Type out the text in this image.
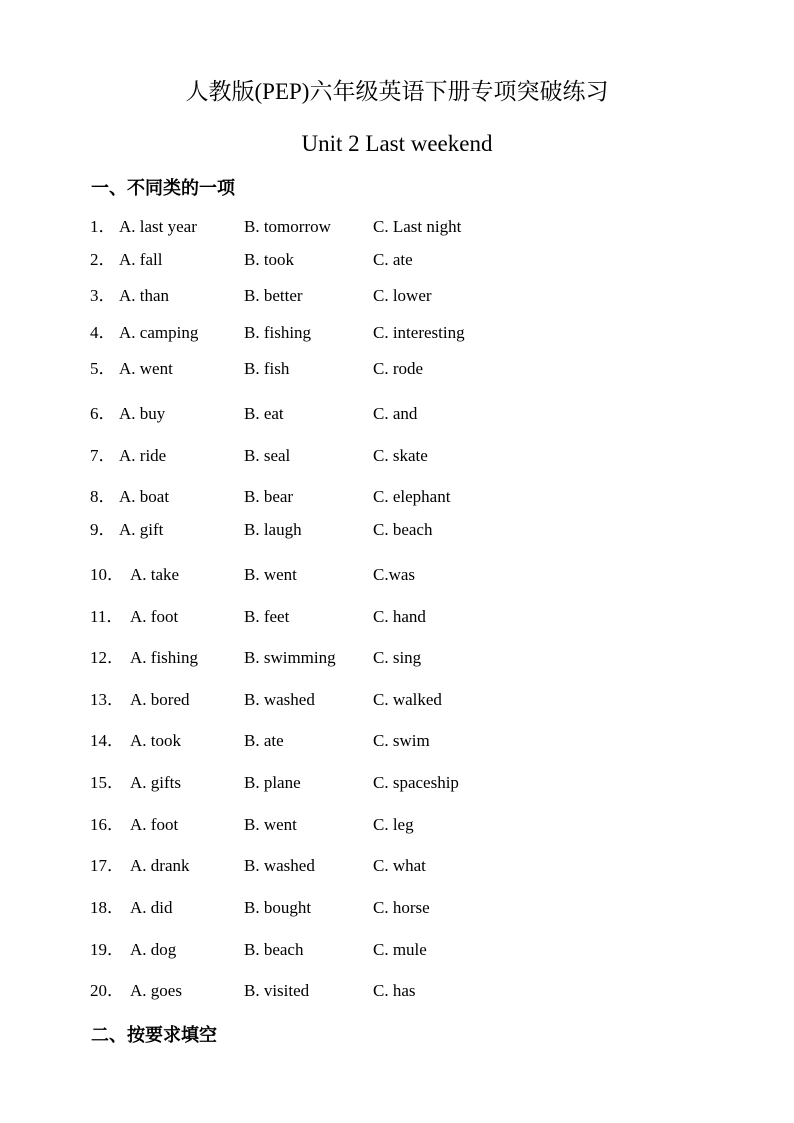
人教版(PEP)六年级英语下册专项突破练习
Unit 2 Last weekend
一、不同类的一项
1． A. last year	B. tomorrow C. Last night
2． A. fall	B. took	C. ate
3． A. than	B. better	C. lower
4． A. camping	B. fishing	C. interesting
5． A. went	B. fish	C. rode
6． A. buy	B. eat	C. and
7． A. ride	B. seal	C. skate
8． A. boat	B. bear	C. elephant
9． A. gift	B. laugh	C. beach
10． A. take	B. went	C.was
11． A. foot	B. feet	C. hand
12． A. fishing	B. swimming C. sing
13． A. bored	B. washed	C. walked
14． A. took	B. ate	C. swim
15． A. gifts	B. plane	C. spaceship
16． A. foot	B. went	C. leg
17． A. drank	B. washed	C. what
18． A. did	B. bought	C. horse
19． A. dog	B. beach	C. mule
20． A. goes	B. visited	C. has
二、按要求填空
